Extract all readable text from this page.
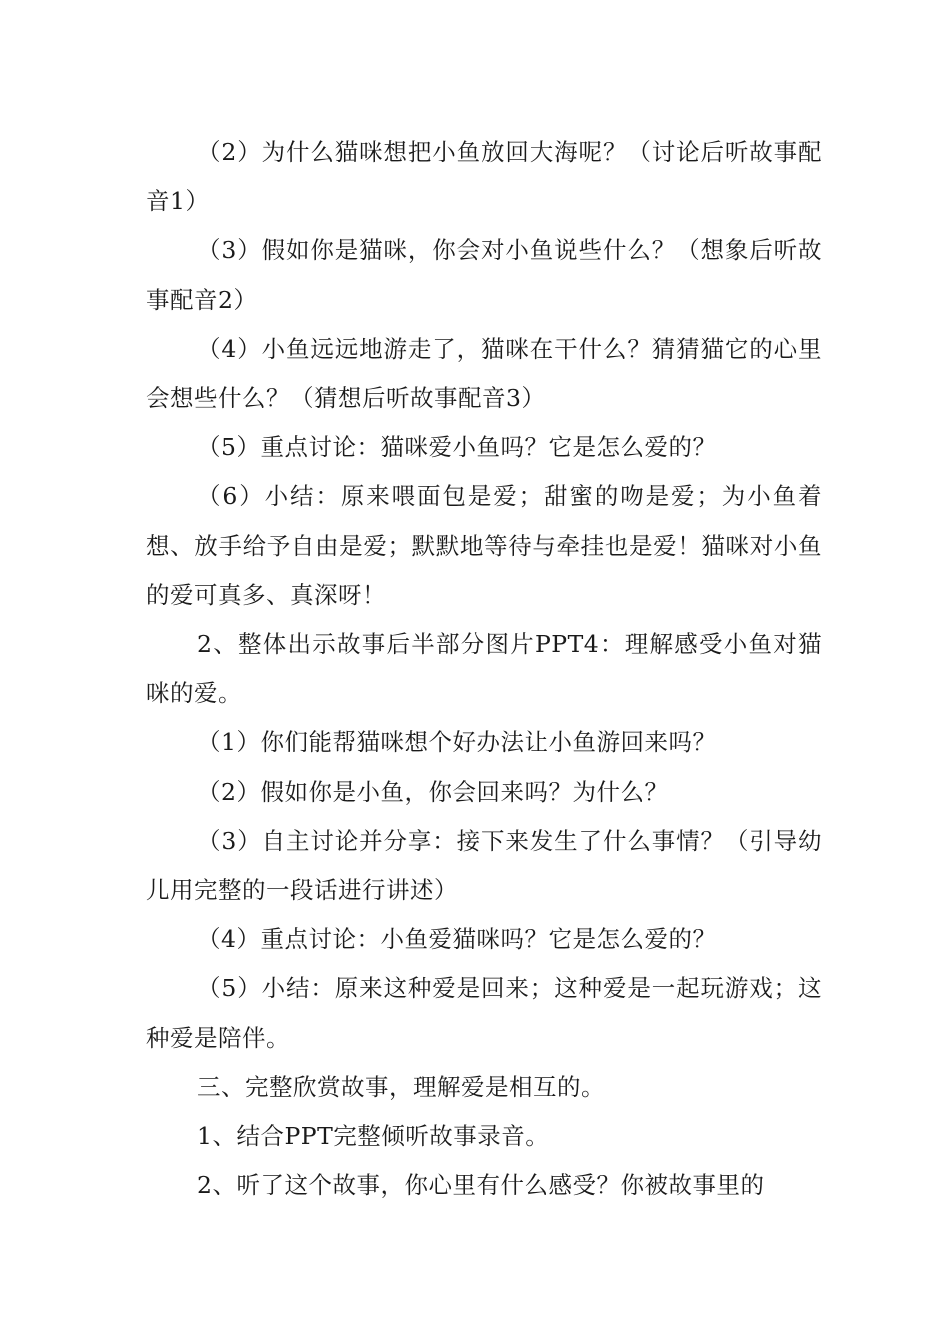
（2）为什么猫咪想把小鱼放回大海呢？（讨论后听故事配音1）

（3）假如你是猫咪，你会对小鱼说些什么？（想象后听故事配音2）

（4）小鱼远远地游走了，猫咪在干什么？猜猜猫它的心里会想些什么？（猜想后听故事配音3）

（5）重点讨论：猫咪爱小鱼吗？它是怎么爱的？

（6）小结：原来喂面包是爱；甜蜜的吻是爱；为小鱼着想、放手给予自由是爱；默默地等待与牵挂也是爱！猫咪对小鱼的爱可真多、真深呀！

2、整体出示故事后半部分图片PPT4：理解感受小鱼对猫咪的爱。

（1）你们能帮猫咪想个好办法让小鱼游回来吗？

（2）假如你是小鱼，你会回来吗？为什么？

（3）自主讨论并分享：接下来发生了什么事情？（引导幼儿用完整的一段话进行讲述）

（4）重点讨论：小鱼爱猫咪吗？它是怎么爱的？

（5）小结：原来这种爱是回来；这种爱是一起玩游戏；这种爱是陪伴。

三、完整欣赏故事，理解爱是相互的。

1、结合PPT完整倾听故事录音。

2、听了这个故事，你心里有什么感受？你被故事里的
